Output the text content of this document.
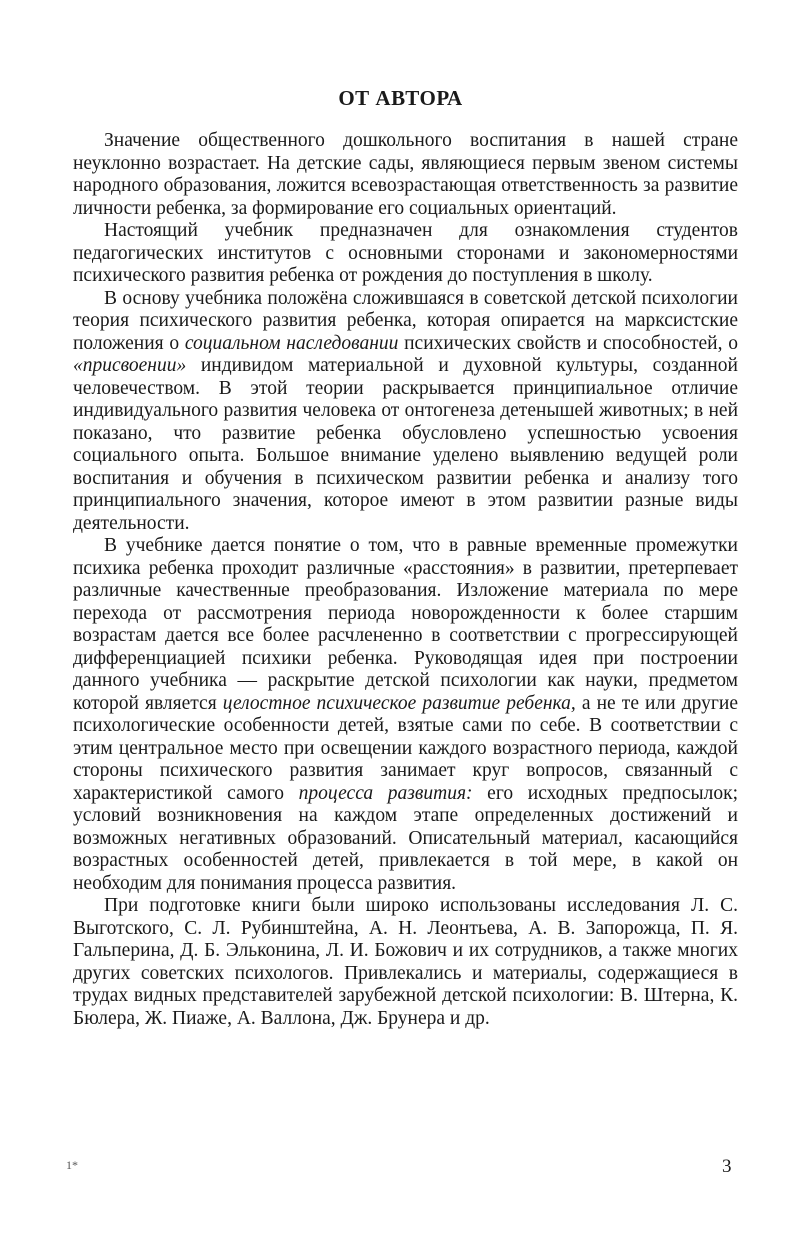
ОТ АВТОРА

Значение общественного дошкольного воспитания в нашей стране неуклонно возрастает. На детские сады, являющиеся первым звеном системы народного образования, ложится всевозрастающая ответственность за развитие личности ребенка, за формирование его социальных ориентаций.

Настоящий учебник предназначен для ознакомления студентов педагогических институтов с основными сторонами и закономерностями психического развития ребенка от рождения до поступления в школу.

В основу учебника положёна сложившаяся в советской детской психологии теория психического развития ребенка, которая опирается на марксистские положения о социальном наследовании психических свойств и способностей, о «присвоении» индивидом материальной и духовной культуры, созданной человечеством. В этой теории раскрывается принципиальное отличие индивидуального развития человека от онтогенеза детенышей животных; в ней показано, что развитие ребенка обусловлено успешностью усвоения социального опыта. Большое внимание уделено выявлению ведущей роли воспитания и обучения в психическом развитии ребенка и анализу того принципиального значения, которое имеют в этом развитии разные виды деятельности.

В учебнике дается понятие о том, что в равные временные промежутки психика ребенка проходит различные «расстояния» в развитии, претерпевает различные качественные преобразования. Изложение материала по мере перехода от рассмотрения периода новорожденности к более старшим возрастам дается все более расчлененно в соответствии с прогрессирующей дифференциацией психики ребенка. Руководящая идея при построении данного учебника — раскрытие детской психологии как науки, предметом которой является целостное психическое развитие ребенка, а не те или другие психологические особенности детей, взятые сами по себе. В соответствии с этим центральное место при освещении каждого возрастного периода, каждой стороны психического развития занимает круг вопросов, связанный с характеристикой самого процесса развития: его исходных предпосылок; условий возникновения на каждом этапе определенных достижений и возможных негативных образований. Описательный материал, касающийся возрастных особенностей детей, привлекается в той мере, в какой он необходим для понимания процесса развития.

При подготовке книги были широко использованы исследования Л. С. Выготского, С. Л. Рубинштейна, А. Н. Леонтьева, А. В. Запорожца, П. Я. Гальперина, Д. Б. Эльконина, Л. И. Божович и их сотрудников, а также многих других советских психологов. Привлекались и материалы, содержащиеся в трудах видных представителей зарубежной детской психологии: В. Штерна, К. Бюлера, Ж. Пиаже, А. Валлона, Дж. Брунера и др.

1*	3
